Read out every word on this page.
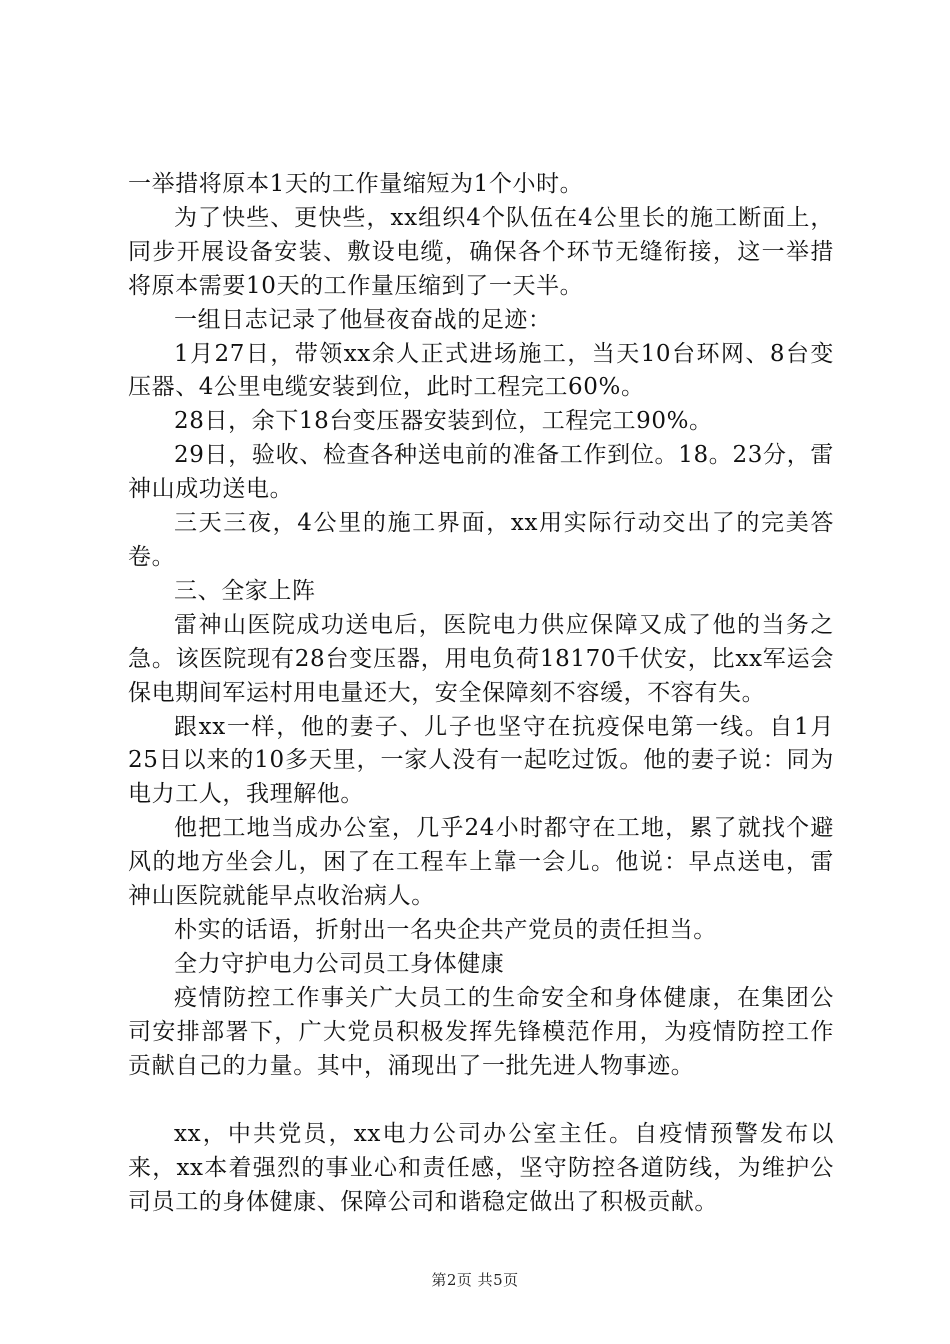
一举措将原本1天的工作量缩短为1个小时。

为了快些、更快些，xx组织4个队伍在4公里长的施工断面上，同步开展设备安装、敷设电缆，确保各个环节无缝衔接，这一举措将原本需要10天的工作量压缩到了一天半。

一组日志记录了他昼夜奋战的足迹：

1月27日，带领xx余人正式进场施工，当天10台环网、8台变压器、4公里电缆安装到位，此时工程完工60%。

28日，余下18台变压器安装到位，工程完工90%。

29日，验收、检查各种送电前的准备工作到位。18。23分，雷神山成功送电。

三天三夜，4公里的施工界面，xx用实际行动交出了的完美答卷。

三、全家上阵

雷神山医院成功送电后，医院电力供应保障又成了他的当务之急。该医院现有28台变压器，用电负荷18170千伏安，比xx军运会保电期间军运村用电量还大，安全保障刻不容缓，不容有失。

跟xx一样，他的妻子、儿子也坚守在抗疫保电第一线。自1月25日以来的10多天里，一家人没有一起吃过饭。他的妻子说：同为电力工人，我理解他。

他把工地当成办公室，几乎24小时都守在工地，累了就找个避风的地方坐会儿，困了在工程车上靠一会儿。他说：早点送电，雷神山医院就能早点收治病人。

朴实的话语，折射出一名央企共产党员的责任担当。

全力守护电力公司员工身体健康

疫情防控工作事关广大员工的生命安全和身体健康，在集团公司安排部署下，广大党员积极发挥先锋模范作用，为疫情防控工作贡献自己的力量。其中，涌现出了一批先进人物事迹。

xx，中共党员，xx电力公司办公室主任。自疫情预警发布以来，xx本着强烈的事业心和责任感，坚守防控各道防线，为维护公司员工的身体健康、保障公司和谐稳定做出了积极贡献。

第2页 共5页
